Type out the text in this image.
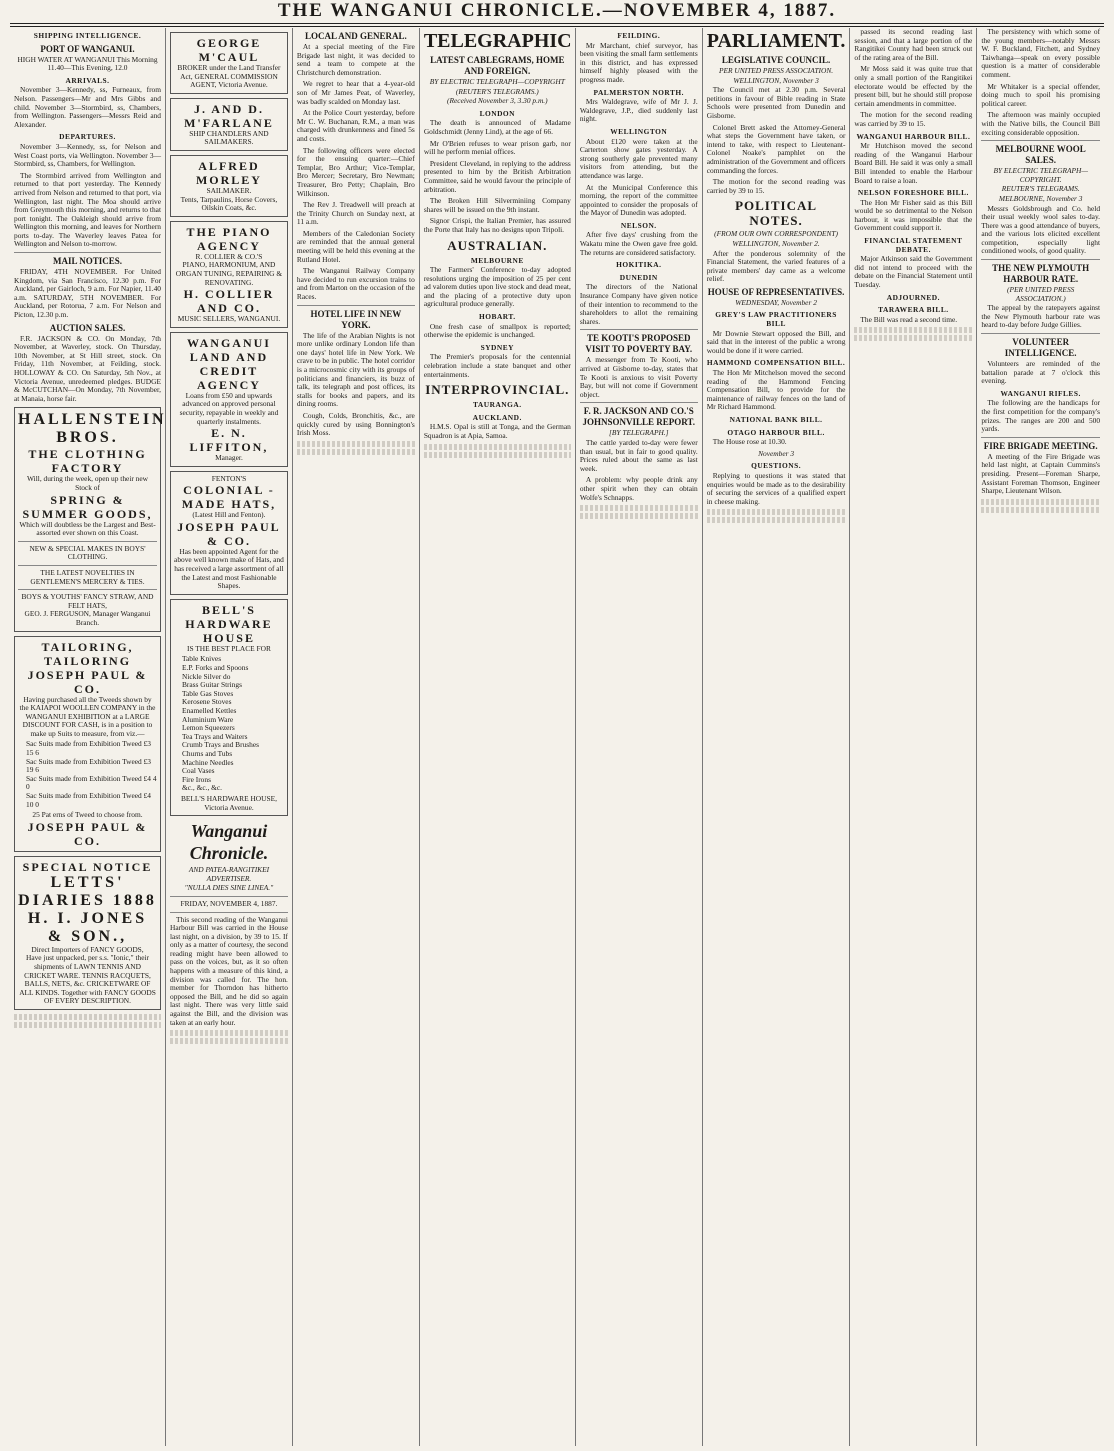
THE WANGANUI CHRONICLE.—NOVEMBER 4, 1887.
SHIPPING INTELLIGENCE.
PORT OF WANGANUI.
HIGH WATER AT WANGANUI This Morning 11.40—This Evening, 12.0
ARRIVALS.
November 3—Kennedy, ss, Furneaux, from Nelson. Passengers—Mr and Mrs Gibbs and child. November 3—Stormbird, ss, Chambers, from Wellington. Passengers—Messrs Reid and Alexander.
DEPARTURES.
November 3—Kennedy, ss, for Nelson and West Coast ports, via Wellington. November 3—Stormbird, ss, Chambers, for Wellington.
The Stormbird arrived from Wellington and returned to that port yesterday. The Kennedy arrived from Nelson and returned to that port, via Wellington, last night. The Moa should arrive from Greymouth this morning, and returns to that port tonight. The Oakleigh should arrive from Wellington this morning, and leaves for Northern ports to-day. The Waverley leaves Patea for Wellington and Nelson to-morrow.
MAIL NOTICES.
FRIDAY, 4TH NOVEMBER. For United Kingdom, via San Francisco, 12.30 p.m. For Auckland, per Gairloch, 9 a.m. For Napier, 11.40 a.m. SATURDAY, 5TH NOVEMBER. For Auckland, per Rotorua, 7 a.m. For Nelson and Picton, 12.30 p.m.
AUCTION SALES.
F.R. JACKSON & CO. On Monday, 7th November, at Waverley, stock. On Thursday, 10th November, at St Hill street, stock. On Friday, 11th November, at Feilding, stock. HOLLOWAY & CO. On Saturday, 5th Nov., at Victoria Avenue, unredeemed pledges. BUDGE & McCUTCHAN—On Monday, 7th November, at Manaia, horse fair.
HALLENSTEIN BROS.
THE CLOTHING FACTORY
Will, during the week, open up their new Stock of
SPRING & SUMMER GOODS,
Which will doubtless be the Largest and Best-assorted ever shown on this Coast.
NEW & SPECIAL MAKES IN BOYS' CLOTHING.
THE LATEST NOVELTIES IN GENTLEMEN'S MERCERY & TIES.
BOYS & YOUTHS' FANCY STRAW, AND FELT HATS,
GEO. J. FERGUSON, Manager Wanganui Branch.
TAILORING, TAILORING
JOSEPH PAUL & CO.
Having purchased all the Tweeds shown by the KAIAPOI WOOLLEN COMPANY in the WANGANUI EXHIBITION at a LARGE DISCOUNT FOR CASH, is in a position to make up Suits to measure, from viz.—
Sac Suits made from Exhibition Tweed £3 15 6
Sac Suits made from Exhibition Tweed £3 19 6
Sac Suits made from Exhibition Tweed £4 4 0
Sac Suits made from Exhibition Tweed £4 10 0
25 Pat erns of Tweed to choose from.
JOSEPH PAUL & CO.
SPECIAL NOTICE
LETTS' DIARIES 1888
H. I. JONES & SON.,
Direct Importers of FANCY GOODS,
Have just unpacked, per s.s. "Ionic," their shipments of LAWN TENNIS AND CRICKET WARE. TENNIS RACQUETS, BALLS, NETS, &c. CRICKETWARE OF ALL KINDS. Together with FANCY GOODS OF EVERY DESCRIPTION.
GEORGE M'CAUL
BROKER under the Land Transfer Act, GENERAL COMMISSION AGENT, Victoria Avenue.
J. AND D. M'FARLANE
SHIP CHANDLERS AND SAILMAKERS.
ALFRED MORLEY
SAILMAKER.
Tents, Tarpaulins, Horse Covers, Oilskin Coats, &c.
THE PIANO AGENCY
R. COLLIER & CO.'S
PIANO, HARMONIUM, AND ORGAN TUNING, REPAIRING & RENOVATING.
H. COLLIER AND CO.
MUSIC SELLERS, WANGANUI.
WANGANUI LAND AND CREDIT AGENCY
Loans from £50 and upwards advanced on approved personal security, repayable in weekly and quarterly instalments.
E. N. LIFFITON,
Manager.
FENTON'S
COLONIAL - MADE HATS,
(Latest Hill and Fenton).
JOSEPH PAUL & CO.
Has been appointed Agent for the above well known make of Hats, and has received a large assortment of all the Latest and most Fashionable Shapes.
BELL'S HARDWARE HOUSE
IS THE BEST PLACE FOR
Table Knives
E.P. Forks and Spoons
Nickle Silver do
Brass Guitar Strings
Table Gas Stoves
Kerosene Stoves
Enamelled Kettles
Aluminium Ware
Lemon Squeezers
Tea Trays and Waiters
Crumb Trays and Brushes
Churns and Tubs
Machine Needles
Coal Vases
Fire Irons
&c., &c., &c.
BELL'S HARDWARE HOUSE, Victoria Avenue.
Wanganui Chronicle.
AND PATEA-RANGITIKEI ADVERTISER.
"NULLA DIES SINE LINEA."
FRIDAY, NOVEMBER 4, 1887.
This second reading of the Wanganui Harbour Bill was carried in the House last night, on a division, by 39 to 15. If only as a matter of courtesy, the second reading might have been allowed to pass on the voices, but, as it so often happens with a measure of this kind, a division was called for. The hon. member for Thorndon has hitherto opposed the Bill, and he did so again last night. There was very little said against the Bill, and the division was taken at an early hour.
LOCAL AND GENERAL.
At a special meeting of the Fire Brigade last night, it was decided to send a team to compete at the Christchurch demonstration.
We regret to hear that a 4-year-old son of Mr James Peat, of Waverley, was badly scalded on Monday last.
At the Police Court yesterday, before Mr C. W. Buchanan, R.M., a man was charged with drunkenness and fined 5s and costs.
The following officers were elected for the ensuing quarter:—Chief Templar, Bro Arthur; Vice-Templar, Bro Mercer; Secretary, Bro Newman; Treasurer, Bro Petty; Chaplain, Bro Wilkinson.
The Rev J. Treadwell will preach at the Trinity Church on Sunday next, at 11 a.m.
Members of the Caledonian Society are reminded that the annual general meeting will be held this evening at the Rutland Hotel.
The Wanganui Railway Company have decided to run excursion trains to and from Marton on the occasion of the Races.
HOTEL LIFE IN NEW YORK.
The life of the Arabian Nights is not more unlike ordinary London life than one days' hotel life in New York. We crave to be in public. The hotel corridor is a microcosmic city with its groups of politicians and financiers, its buzz of talk, its telegraph and post offices, its stalls for books and papers, and its dining rooms.
Cough, Colds, Bronchitis, &c., are quickly cured by using Bonnington's Irish Moss.
TELEGRAPHIC
LATEST CABLEGRAMS, HOME AND FOREIGN.
BY ELECTRIC TELEGRAPH—COPYRIGHT
(REUTER'S TELEGRAMS.)
(Received November 3, 3.30 p.m.)
LONDON
The death is announced of Madame Goldschmidt (Jenny Lind), at the age of 66.
Mr O'Brien refuses to wear prison garb, nor will he perform menial offices.
President Cleveland, in replying to the address presented to him by the British Arbitration Committee, said he would favour the principle of arbitration.
The Broken Hill Silverminiing Company shares will be issued on the 9th instant.
Signor Crispi, the Italian Premier, has assured the Porte that Italy has no designs upon Tripoli.
AUSTRALIAN.
MELBOURNE
The Farmers' Conference to-day adopted resolutions urging the imposition of 25 per cent ad valorem duties upon live stock and dead meat, and the placing of a protective duty upon agricultural produce generally.
HOBART.
One fresh case of smallpox is reported; otherwise the epidemic is unchanged.
SYDNEY
The Premier's proposals for the centennial celebration include a state banquet and other entertainments.
INTERPROVINCIAL.
TAURANGA.
AUCKLAND.
H.M.S. Opal is still at Tonga, and the German Squadron is at Apia, Samoa.
FEILDING.
Mr Marchant, chief surveyor, has been visiting the small farm settlements in this district, and has expressed himself highly pleased with the progress made.
PALMERSTON NORTH.
Mrs Waldegrave, wife of Mr J. J. Waldegrave, J.P., died suddenly last night.
WELLINGTON
About £120 were taken at the Carterton show gates yesterday. A strong southerly gale prevented many visitors from attending, but the attendance was large.
At the Municipal Conference this morning, the report of the committee appointed to consider the proposals of the Mayor of Dunedin was adopted.
NELSON.
After five days' crushing from the Wakatu mine the Owen gave free gold. The returns are considered satisfactory.
HOKITIKA.
DUNEDIN
The directors of the National Insurance Company have given notice of their intention to recommend to the shareholders to allot the remaining shares.
TE KOOTI'S PROPOSED VISIT TO POVERTY BAY.
A messenger from Te Kooti, who arrived at Gisborne to-day, states that Te Kooti is anxious to visit Poverty Bay, but will not come if Government object.
F. R. JACKSON AND CO.'S JOHNSONVILLE REPORT.
[BY TELEGRAPH.]
The cattle yarded to-day were fewer than usual, but in fair to good quality. Prices ruled about the same as last week.
A problem: why people drink any other spirit when they can obtain Wolfe's Schnapps.
PARLIAMENT.
LEGISLATIVE COUNCIL.
PER UNITED PRESS ASSOCIATION.
WELLINGTON, November 3
The Council met at 2.30 p.m. Several petitions in favour of Bible reading in State Schools were presented from Dunedin and Gisborne.
Colonel Brett asked the Attorney-General what steps the Government have taken, or intend to take, with respect to Lieutenant-Colonel Noake's pamphlet on the administration of the Government and officers commanding the forces.
The motion for the second reading was carried by 39 to 15.
POLITICAL NOTES.
(FROM OUR OWN CORRESPONDENT)
WELLINGTON, November 2.
After the ponderous solemnity of the Financial Statement, the varied features of a private members' day came as a welcome relief.
HOUSE OF REPRESENTATIVES.
WEDNESDAY, November 2
GREY'S LAW PRACTITIONERS BILL
Mr Downie Stewart opposed the Bill, and said that in the interest of the public a wrong would be done if it were carried.
HAMMOND COMPENSATION BILL.
The Hon Mr Mitchelson moved the second reading of the Hammond Fencing Compensation Bill, to provide for the maintenance of railway fences on the land of Mr Richard Hammond.
NATIONAL BANK BILL.
OTAGO HARBOUR BILL.
The House rose at 10.30.
November 3
QUESTIONS.
Replying to questions it was stated that enquiries would be made as to the desirability of securing the services of a qualified expert in cheese making.
passed its second reading last session, and that a large portion of the Rangitikei County had been struck out of the rating area of the Bill.
Mr Moss said it was quite true that only a small portion of the Rangitikei electorate would be effected by the present bill, but he should still propose certain amendments in committee.
The motion for the second reading was carried by 39 to 15.
WANGANUI HARBOUR BILL.
Mr Hutchison moved the second reading of the Wanganui Harbour Board Bill. He said it was only a small Bill intended to enable the Harbour Board to raise a loan.
NELSON FORESHORE BILL.
The Hon Mr Fisher said as this Bill would be so detrimental to the Nelson harbour, it was impossible that the Government could support it.
FINANCIAL STATEMENT DEBATE.
Major Atkinson said the Government did not intend to proceed with the debate on the Financial Statement until Tuesday.
ADJOURNED.
TARAWERA BILL.
The Bill was read a second time.
The persistency with which some of the young members—notably Messrs W. F. Buckland, Fitchett, and Sydney Taiwhanga—speak on every possible question is a matter of considerable comment.
Mr Whitaker is a special offender, doing much to spoil his promising political career.
The afternoon was mainly occupied with the Native bills, the Council Bill exciting considerable opposition.
MELBOURNE WOOL SALES.
BY ELECTRIC TELEGRAPH—COPYRIGHT.
REUTER'S TELEGRAMS.
MELBOURNE, November 3
Messrs Goldsbrough and Co. held their usual weekly wool sales to-day. There was a good attendance of buyers, and the various lots elicited excellent competition, especially light conditioned wools, of good quality.
THE NEW PLYMOUTH HARBOUR RATE.
(PER UNITED PRESS ASSOCIATION.)
The appeal by the ratepayers against the New Plymouth harbour rate was heard to-day before Judge Gillies.
VOLUNTEER INTELLIGENCE.
Volunteers are reminded of the battalion parade at 7 o'clock this evening.
WANGANUI RIFLES.
The following are the handicaps for the first competition for the company's prizes. The ranges are 200 and 500 yards.
FIRE BRIGADE MEETING.
A meeting of the Fire Brigade was held last night, at Captain Cummins's presiding. Present—Foreman Sharpe, Assistant Foreman Thomson, Engineer Sharpe, Lieutenant Wilson.
